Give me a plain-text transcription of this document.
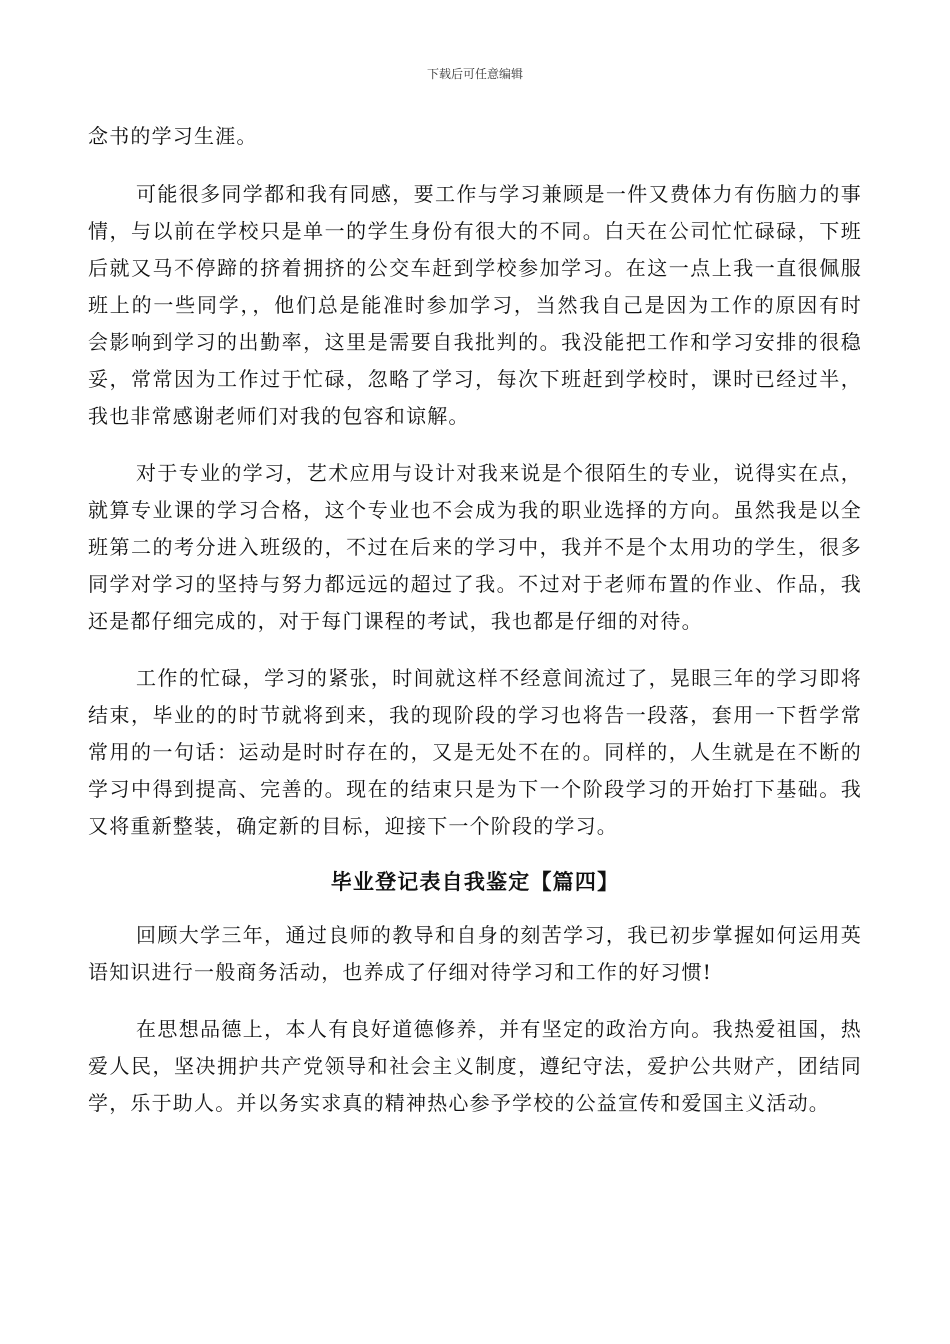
下载后可任意编辑

念书的学习生涯。

可能很多同学都和我有同感，要工作与学习兼顾是一件又费体力有伤脑力的事情，与以前在学校只是单一的学生身份有很大的不同。白天在公司忙忙碌碌，下班后就又马不停蹄的挤着拥挤的公交车赶到学校参加学习。在这一点上我一直很佩服班上的一些同学，，他们总是能准时参加学习，当然我自己是因为工作的原因有时会影响到学习的出勤率，这里是需要自我批判的。我没能把工作和学习安排的很稳妥，常常因为工作过于忙碌，忽略了学习，每次下班赶到学校时，课时已经过半，我也非常感谢老师们对我的包容和谅解。

对于专业的学习，艺术应用与设计对我来说是个很陌生的专业，说得实在点，就算专业课的学习合格，这个专业也不会成为我的职业选择的方向。虽然我是以全班第二的考分进入班级的，不过在后来的学习中，我并不是个太用功的学生，很多同学对学习的坚持与努力都远远的超过了我。不过对于老师布置的作业、作品，我还是都仔细完成的，对于每门课程的考试，我也都是仔细的对待。

工作的忙碌，学习的紧张，时间就这样不经意间流过了，晃眼三年的学习即将结束，毕业的的时节就将到来，我的现阶段的学习也将告一段落，套用一下哲学常常用的一句话：运动是时时存在的，又是无处不在的。同样的，人生就是在不断的学习中得到提高、完善的。现在的结束只是为下一个阶段学习的开始打下基础。我又将重新整装，确定新的目标，迎接下一个阶段的学习。

毕业登记表自我鉴定【篇四】

回顾大学三年，通过良师的教导和自身的刻苦学习，我已初步掌握如何运用英语知识进行一般商务活动，也养成了仔细对待学习和工作的好习惯!

在思想品德上，本人有良好道德修养，并有坚定的政治方向。我热爱祖国，热爱人民，坚决拥护共产党领导和社会主义制度，遵纪守法，爱护公共财产，团结同学，乐于助人。并以务实求真的精神热心参予学校的公益宣传和爱国主义活动。
